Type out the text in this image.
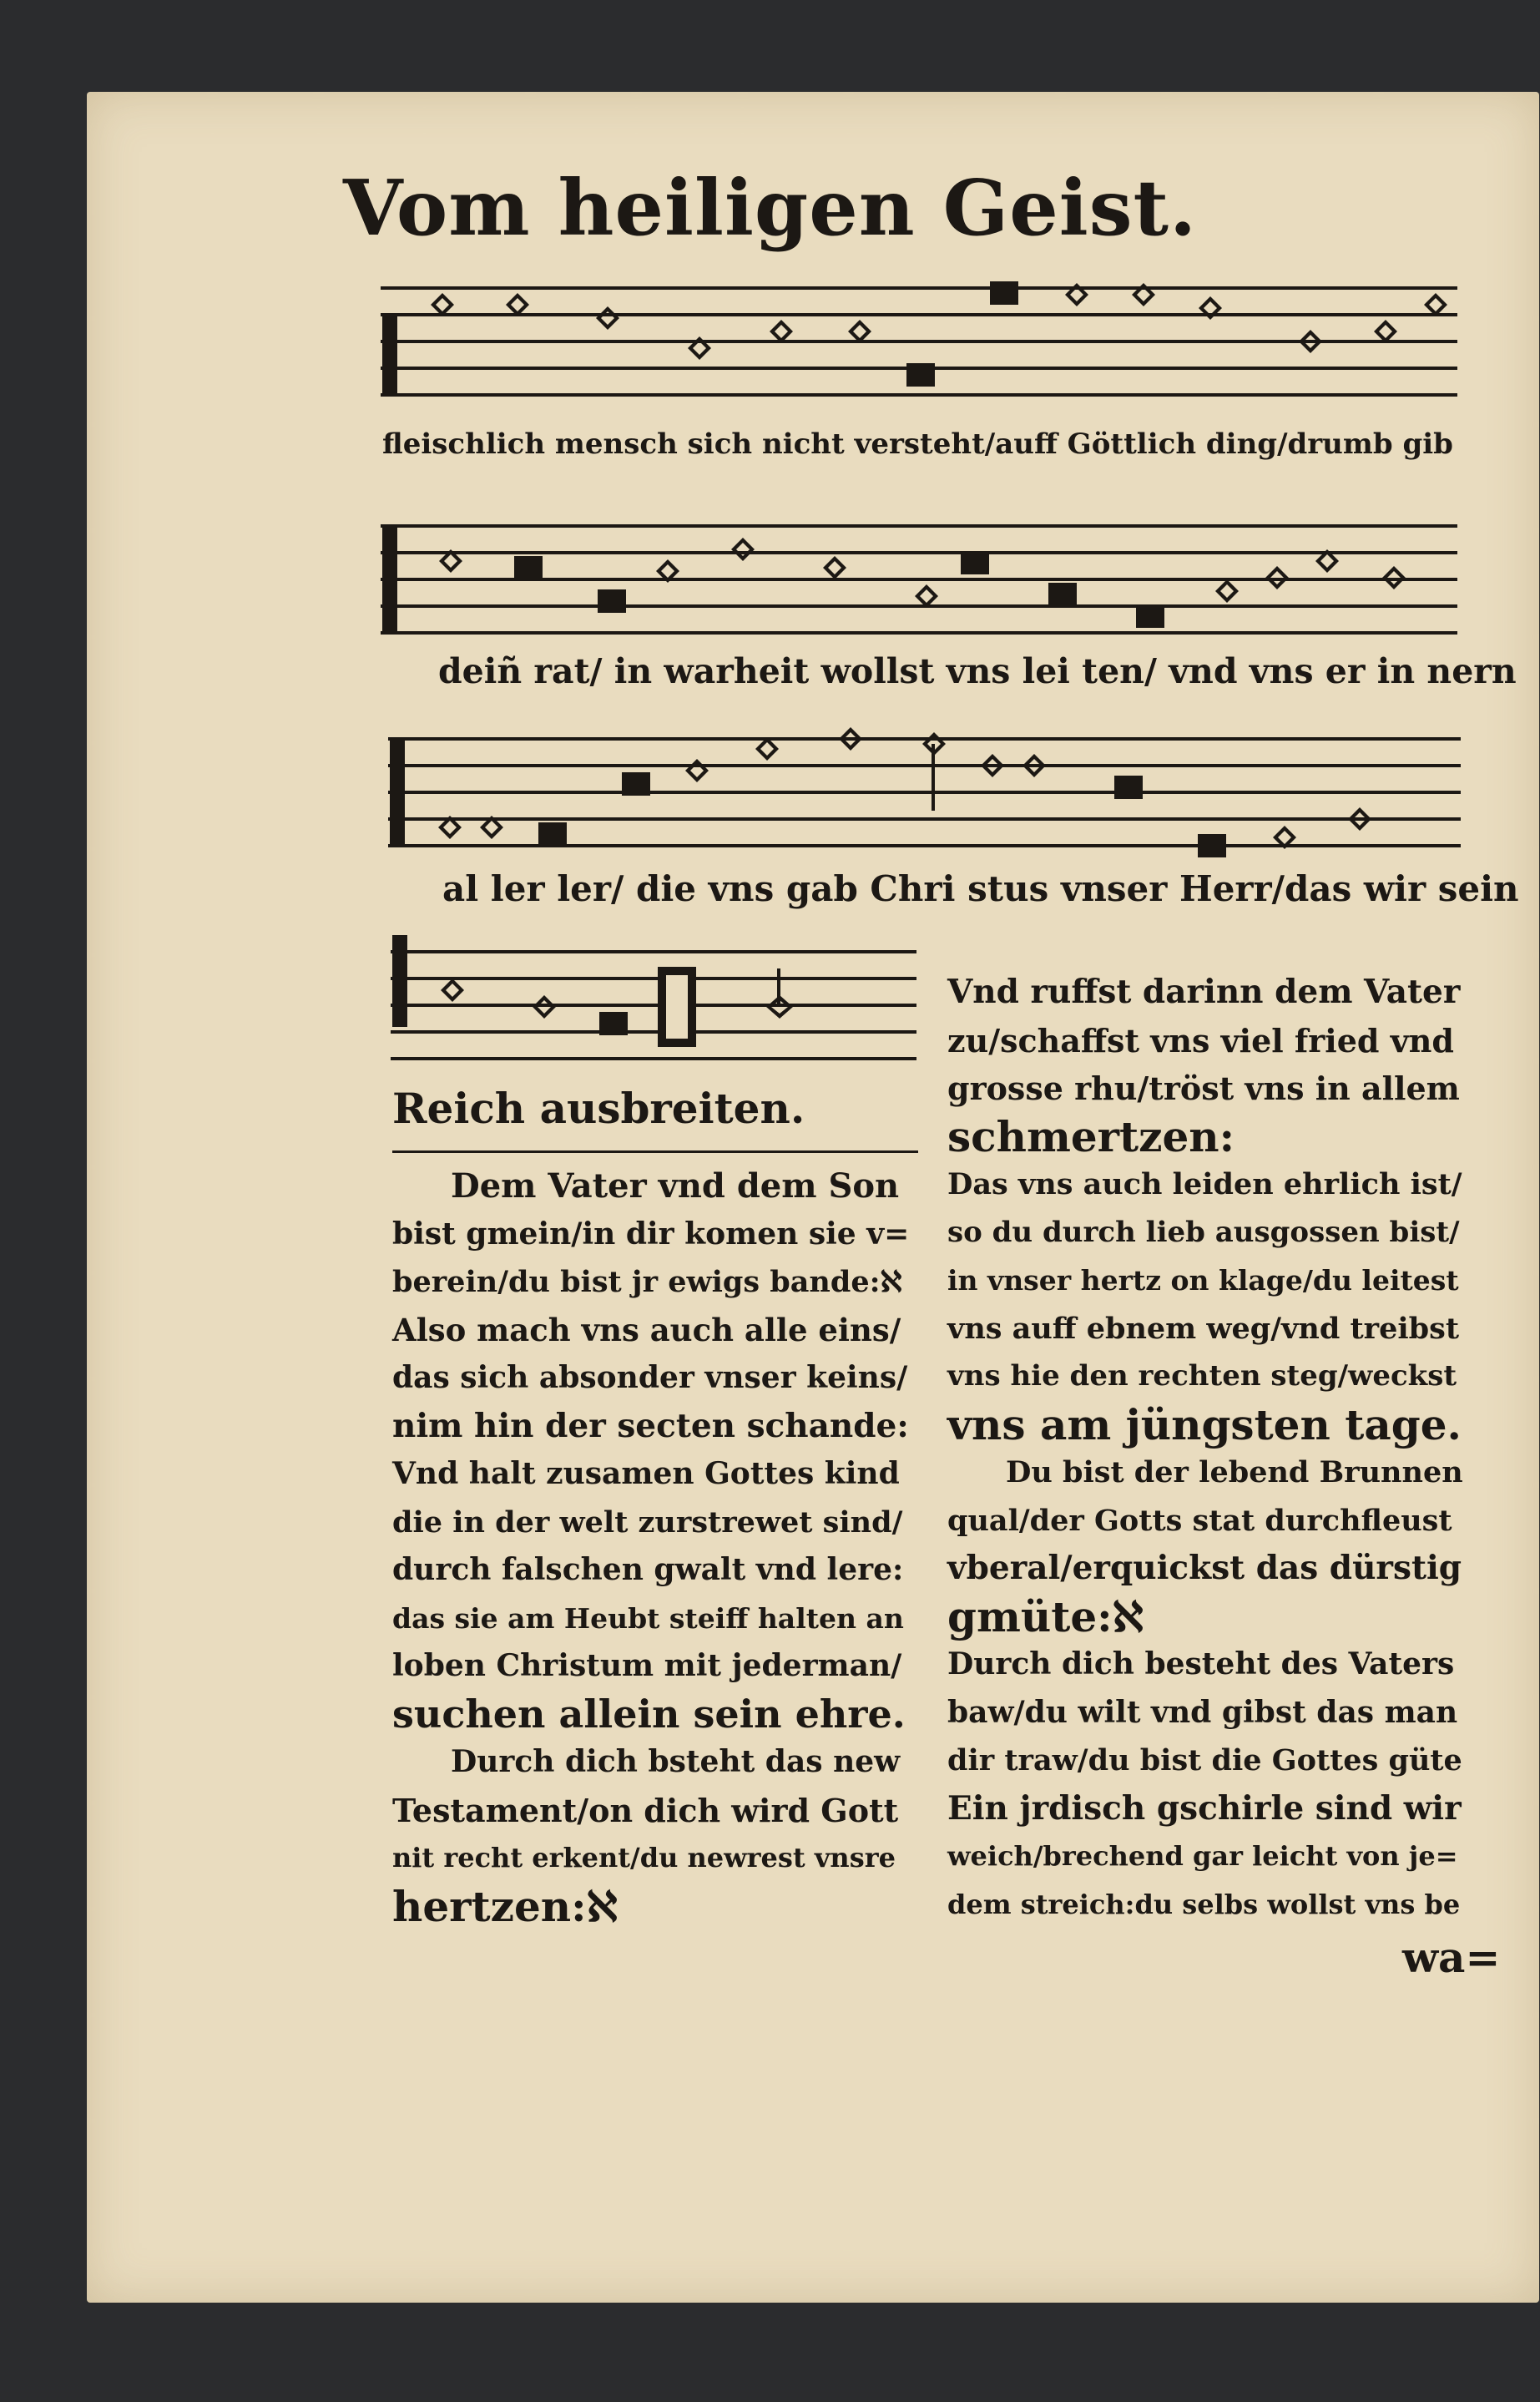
Vom heiligen Geist.
fleischlich mensch sich nicht versteht/auff Göttlich ding/drumb gib
deiñ rat/ in warheit wollst vns lei ten/ vnd vns er in nern
al ler ler/ die vns gab Chri stus vnser Herr/das wir sein
Reich ausbreiten.
Dem Vater vnd dem Son
bist gmein/in dir komen sie v=
berein/du bist jr ewigs bande:ℵ
Also mach vns auch alle eins/
das sich absonder vnser keins/
nim hin der secten schande:
Vnd halt zusamen Gottes kind
die in der welt zurstrewet sind/
durch falschen gwalt vnd lere:
das sie am Heubt steiff halten an
loben Christum mit jederman/
suchen allein sein ehre.
Durch dich bsteht das new
Testament/on dich wird Gott
nit recht erkent/du newrest vnsre
hertzen:ℵ
Vnd ruffst darinn dem Vater
zu/schaffst vns viel fried vnd
grosse rhu/tröst vns in allem
schmertzen:
Das vns auch leiden ehrlich ist/
so du durch lieb ausgossen bist/
in vnser hertz on klage/du leitest
vns auff ebnem weg/vnd treibst
vns hie den rechten steg/weckst
vns am jüngsten tage.
Du bist der lebend Brunnen
qual/der Gotts stat durchfleust
vberal/erquickst das dürstig
gmüte:ℵ
Durch dich besteht des Vaters
baw/du wilt vnd gibst das man
dir traw/du bist die Gottes güte
Ein jrdisch gschirle sind wir
weich/brechend gar leicht von je=
dem streich:du selbs wollst vns be
wa=
